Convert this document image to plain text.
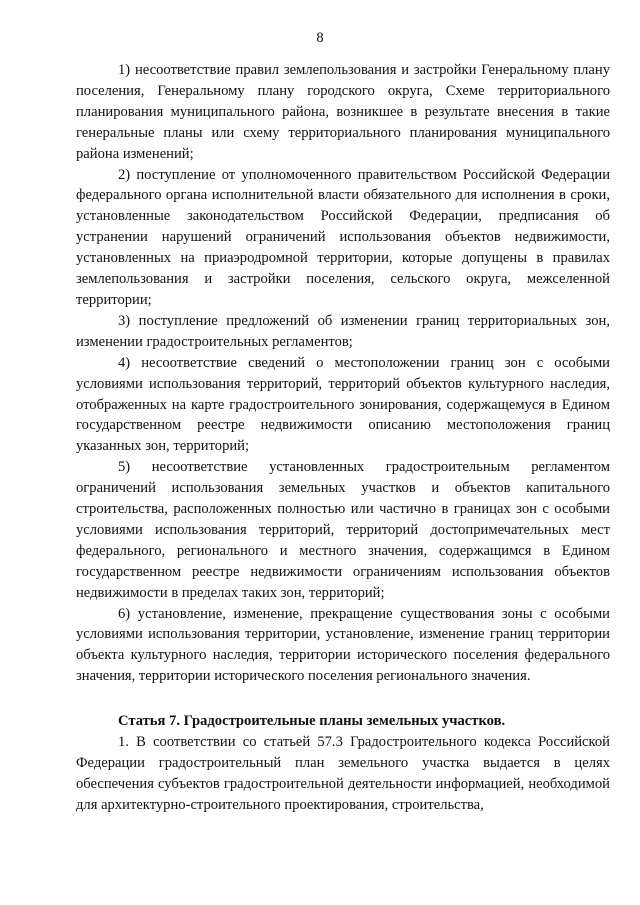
8

1) несоответствие правил землепользования и застройки Генеральному плану поселения, Генеральному плану городского округа, Схеме территориального планирования муниципального района, возникшее в результате внесения в такие генеральные планы или схему территориального планирования муниципального района изменений;

2) поступление от уполномоченного правительством Российской Федерации федерального органа исполнительной власти обязательного для исполнения в сроки, установленные законодательством Российской Федерации, предписания об устранении нарушений ограничений использования объектов недвижимости, установленных на приаэродромной территории, которые допущены в правилах землепользования и застройки поселения, сельского округа, межселенной территории;

3) поступление предложений об изменении границ территориальных зон, изменении градостроительных регламентов;

4) несоответствие сведений о местоположении границ зон с особыми условиями использования территорий, территорий объектов культурного наследия, отображенных на карте градостроительного зонирования, содержащемуся в Едином государственном реестре недвижимости описанию местоположения границ указанных зон, территорий;

5) несоответствие установленных градостроительным регламентом ограничений использования земельных участков и объектов капитального строительства, расположенных полностью или частично в границах зон с особыми условиями использования территорий, территорий достопримечательных мест федерального, регионального и местного значения, содержащимся в Едином государственном реестре недвижимости ограничениям использования объектов недвижимости в пределах таких зон, территорий;

6) установление, изменение, прекращение существования зоны с особыми условиями использования территории, установление, изменение границ территории объекта культурного наследия, территории исторического поселения федерального значения, территории исторического поселения регионального значения.

Статья 7. Градостроительные планы земельных участков.

1. В соответствии со статьей 57.3 Градостроительного кодекса Российской Федерации градостроительный план земельного участка выдается в целях обеспечения субъектов градостроительной деятельности информацией, необходимой для архитектурно-строительного проектирования, строительства,
